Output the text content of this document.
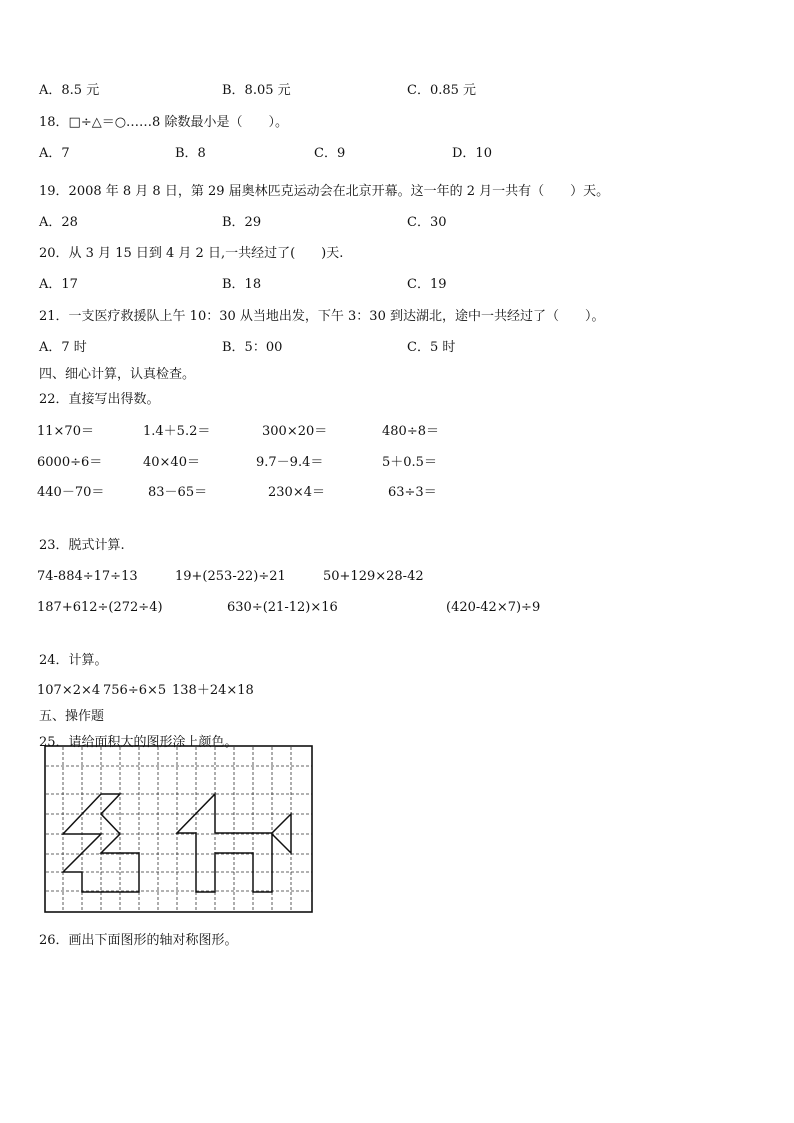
A．8.5 元	B．8.05 元	C．0.85 元
18．□÷△＝○……8 除数最小是（　　）。
A．7	B．8	C．9	D．10
19．2008 年 8 月 8 日，第 29 届奥林匹克运动会在北京开幕。这一年的 2 月一共有（　　）天。
A．28	B．29	C．30
20．从 3 月 15 日到 4 月 2 日,一共经过了(　　)天.
A．17	B．18	C．19
21．一支医疗救援队上午 10：30 从当地出发，下午 3：30 到达湖北，途中一共经过了（　　）。
A．7 时	B．5：00	C．5 时
四、细心计算，认真检查。
22．直接写出得数。
11×70＝	1.4＋5.2＝	300×20＝	480÷8＝
6000÷6＝	40×40＝	9.7－9.4＝	5＋0.5＝
440－70＝	83－65＝	230×4＝	63÷3＝
23．脱式计算.
74-884÷17÷13	19+(253-22)÷21	50+129×28-42
187+612÷(272÷4)	630÷(21-12)×16	(420-42×7)÷9
24．计算。
107×2×4 756÷6×5 138＋24×18
五、操作题
25．请给面积大的图形涂上颜色。
26．画出下面图形的轴对称图形。
